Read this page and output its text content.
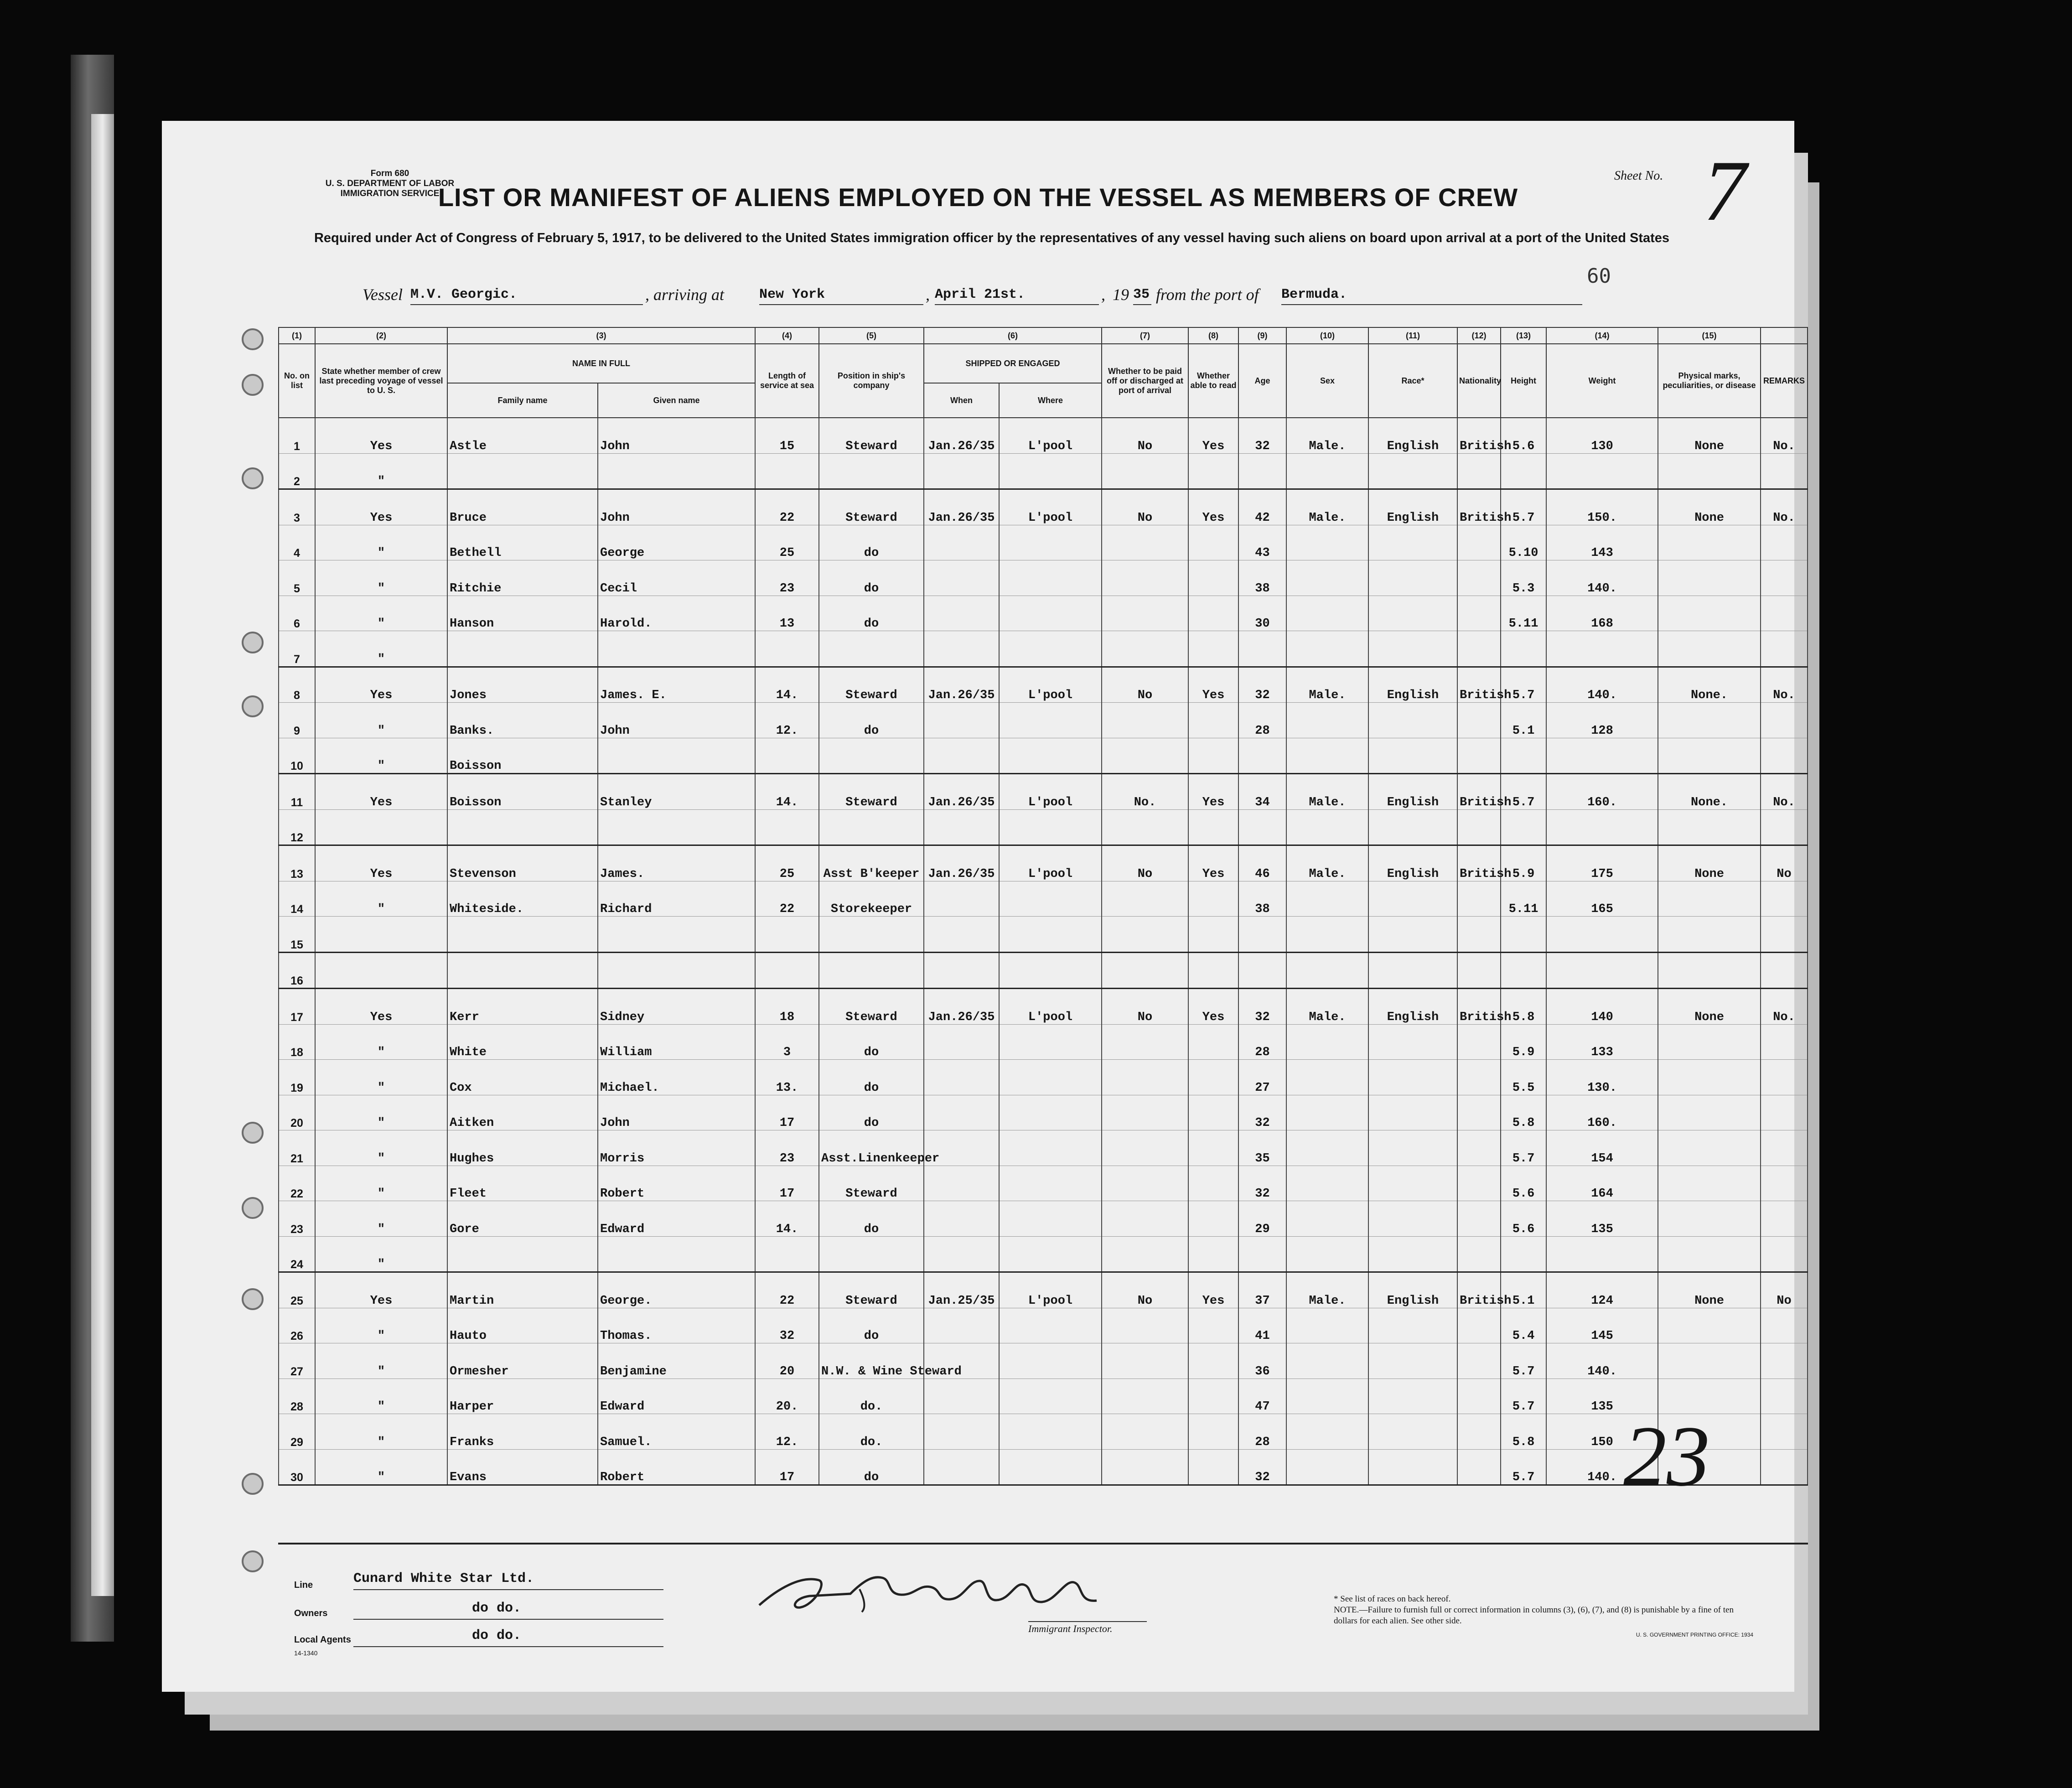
Form 680
U. S. DEPARTMENT OF LABOR
IMMIGRATION SERVICE
Sheet No. 7
LIST OR MANIFEST OF ALIENS EMPLOYED ON THE VESSEL AS MEMBERS OF CREW
Required under Act of Congress of February 5, 1917, to be delivered to the United States immigration officer by the representatives of any vessel having such aliens on board upon arrival at a port of the United States
60
Vessel M.V. Georgic.	, arriving at	New York	, April 21st.	, 19 35 from the port of Bermuda.
(1)	(2)	(3)		(4)	(5)	(6)		(7)	(8)	(9)	(10)	(11)	(12)	(13)	(14)	(15)	
No. on list	State whether member of crew last preceding voyage of vessel to U. S.	NAME IN FULL		Length of service at sea	Position in ship's company	SHIPPED OR ENGAGED		Whether to be paid off or discharged at port of arrival	Whether able to read	Age	Sex	Race*	Nationality	Height	Weight	Physical marks, peculiarities, or disease	REMARKS
		Family name	Given name			When	Where										
1	Yes	Astle	John	15	Steward	Jan.26/35	L'pool	No	Yes	32	Male.	English	British	5.6	130	None	No.
2	"																
3	Yes	Bruce	John	22	Steward	Jan.26/35	L'pool	No	Yes	42	Male.	English	British	5.7	150.	None	No.
4	"	Bethell	George	25	do					43				5.10	143		
5	"	Ritchie	Cecil	23	do					38				5.3	140.		
6	"	Hanson	Harold.	13	do					30				5.11	168		
7	"																
8	Yes	Jones	James. E.	14.	Steward	Jan.26/35	L'pool	No	Yes	32	Male.	English	British	5.7	140.	None.	No.
9	"	Banks.	John	12.	do					28				5.1	128		
10	"	Boisson															
11	Yes	Boisson	Stanley	14.	Steward	Jan.26/35	L'pool	No.	Yes	34	Male.	English	British	5.7	160.	None.	No.
12																	
13	Yes	Stevenson	James.	25	Asst B'keeper	Jan.26/35	L'pool	No	Yes	46	Male.	English	British	5.9	175	None	No
14	"	Whiteside.	Richard	22	Storekeeper					38				5.11	165		
15																	
16																	
17	Yes	Kerr	Sidney	18	Steward	Jan.26/35	L'pool	No	Yes	32	Male.	English	British	5.8	140	None	No.
18	"	White	William	3	do					28				5.9	133		
19	"	Cox	Michael.	13.	do					27				5.5	130.		
20	"	Aitken	John	17	do					32				5.8	160.		
21	"	Hughes	Morris	23	Asst.Linenkeeper					35				5.7	154		
22	"	Fleet	Robert	17	Steward					32				5.6	164		
23	"	Gore	Edward	14.	do					29				5.6	135		
24	"																
25	Yes	Martin	George.	22	Steward	Jan.25/35	L'pool	No	Yes	37	Male.	English	British	5.1	124	None	No
26	"	Hauto	Thomas.	32	do					41				5.4	145		
27	"	Ormesher	Benjamine	20	N.W. & Wine Steward					36				5.7	140.		
28	"	Harper	Edward	20.	do.					47				5.7	135		
29	"	Franks	Samuel.	12.	do.					28				5.8	150		
30	"	Evans	Robert	17	do					32				5.7	140.		23
Line	Cunard White Star Ltd.
Owners	do do.
Local Agents	do do.
14-1340
Immigrant Inspector.
* See list of races on back hereof.
NOTE.—Failure to furnish full or correct information in columns (3), (6), (7), and (8) is punishable by a fine of ten dollars for each alien. See other side.
U. S. GOVERNMENT PRINTING OFFICE: 1934
